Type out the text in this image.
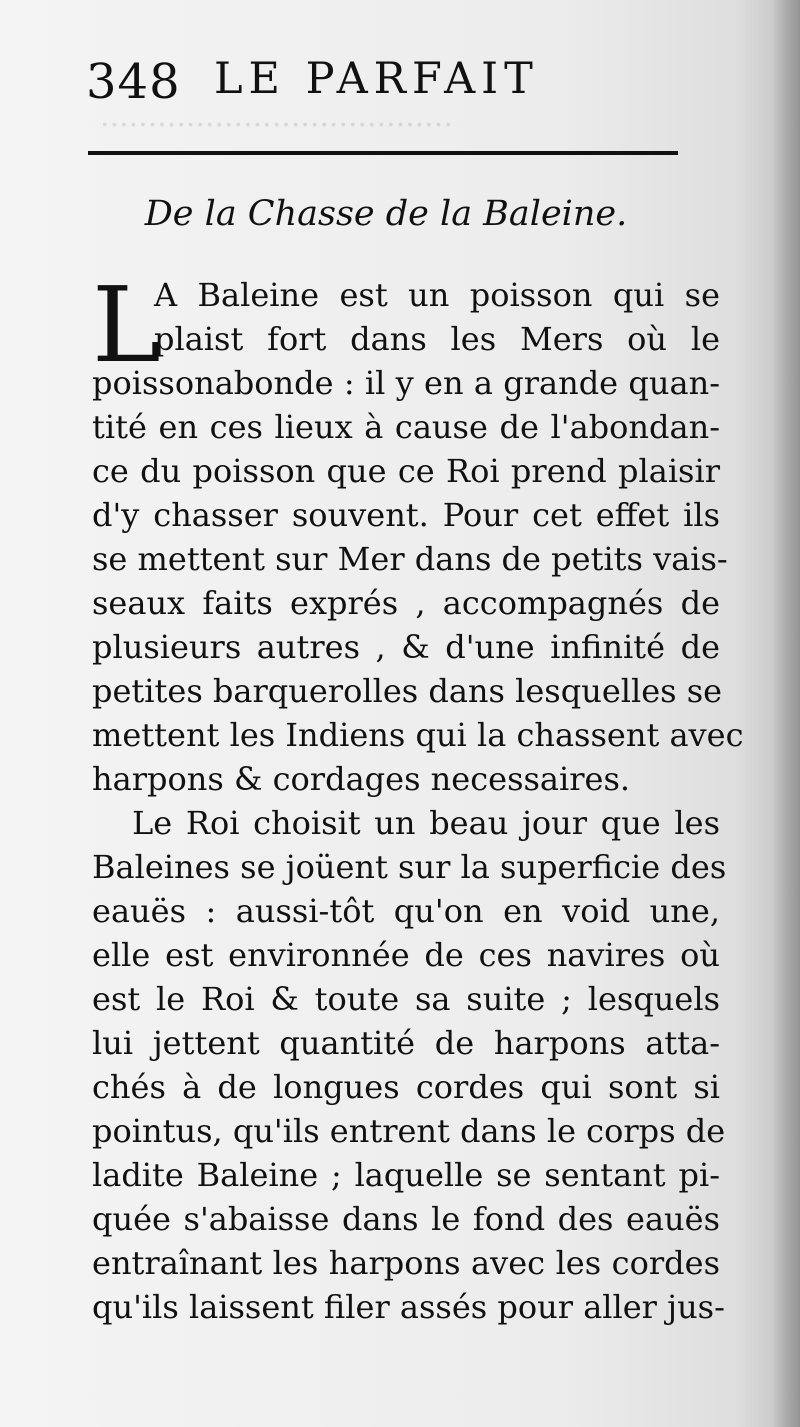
·····································
348 LE PARFAIT
De la Chasse de la Baleine.
L
A Baleine est un poisson qui se
plaist fort dans les Mers où le
poissonabonde : il y en a grande quan-
tité en ces lieux à cause de l'abondan-
ce du poisson que ce Roi prend plaisir
d'y chasser souvent. Pour cet effet ils
se mettent sur Mer dans de petits vais-
seaux faits exprés , accompagnés de
plusieurs autres , & d'une infinité de
petites barquerolles dans lesquelles se
mettent les Indiens qui la chassent avec
harpons & cordages necessaires.
Le Roi choisit un beau jour que les
Baleines se joüent sur la superficie des
eauës : aussi-tôt qu'on en void une,
elle est environnée de ces navires où
est le Roi & toute sa suite ; lesquels
lui jettent quantité de harpons atta-
chés à de longues cordes qui sont si
pointus, qu'ils entrent dans le corps de
ladite Baleine ; laquelle se sentant pi-
quée s'abaisse dans le fond des eauës
entraînant les harpons avec les cordes
qu'ils laissent filer assés pour aller jus-
